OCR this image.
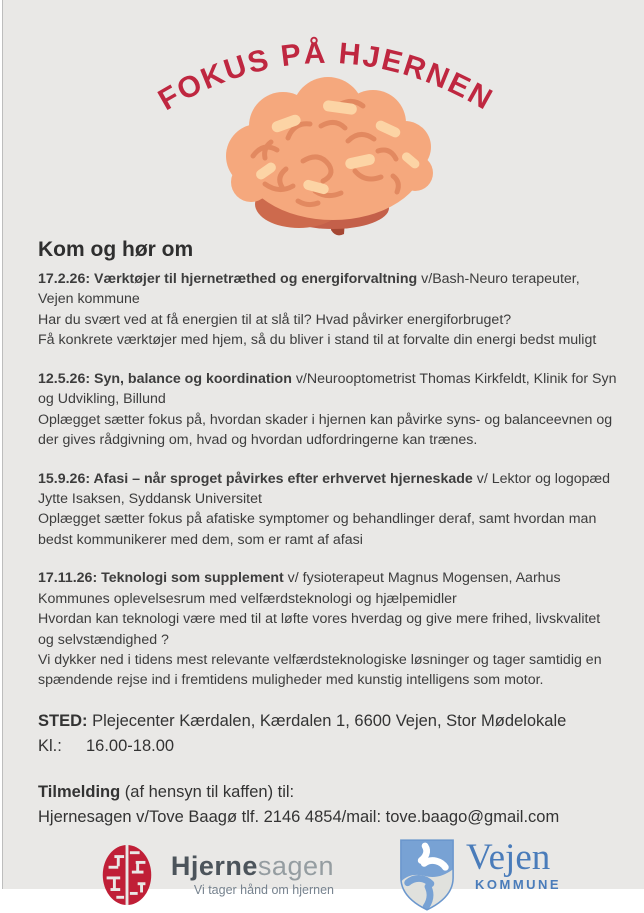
FOKUS PÅ HJERNEN
Kom og hør om

17.2.26: Værktøjer til hjernetræthed og energiforvaltning v/Bash-Neuro terapeuter, Vejen kommune

Har du svært ved at få energien til at slå til? Hvad påvirker energiforbruget?

Få konkrete værktøjer med hjem, så du bliver i stand til at forvalte din energi bedst muligt

12.5.26: Syn, balance og koordination v/Neurooptometrist Thomas Kirkfeldt, Klinik for Syn og Udvikling, Billund

Oplægget sætter fokus på, hvordan skader i hjernen kan påvirke syns- og balanceevnen og der gives rådgivning om, hvad og hvordan udfordringerne kan trænes.

15.9.26: Afasi – når sproget påvirkes efter erhvervet hjerneskade v/ Lektor og logopæd Jytte Isaksen, Syddansk Universitet

Oplægget sætter fokus på afatiske symptomer og behandlinger deraf, samt hvordan man bedst kommunikerer med dem, som er ramt af afasi

17.11.26: Teknologi som supplement v/ fysioterapeut Magnus Mogensen, Aarhus Kommunes oplevelsesrum med velfærdsteknologi og hjælpemidler

Hvordan kan teknologi være med til at løfte vores hverdag og give mere frihed, livskvalitet og selvstændighed ?

Vi dykker ned i tidens mest relevante velfærdsteknologiske løsninger og tager samtidig en spændende rejse ind i fremtidens muligheder med kunstig intelligens som motor.

STED: Plejecenter Kærdalen, Kærdalen 1, 6600 Vejen, Stor Mødelokale

Kl.: 16.00-18.00

Tilmelding (af hensyn til kaffen) til:

Hjernesagen v/Tove Baagø tlf. 2146 4854/mail: tove.baago@gmail.com

Hjernesagen
Vi tager hånd om hjernen
Vejen
KOMMUNE
